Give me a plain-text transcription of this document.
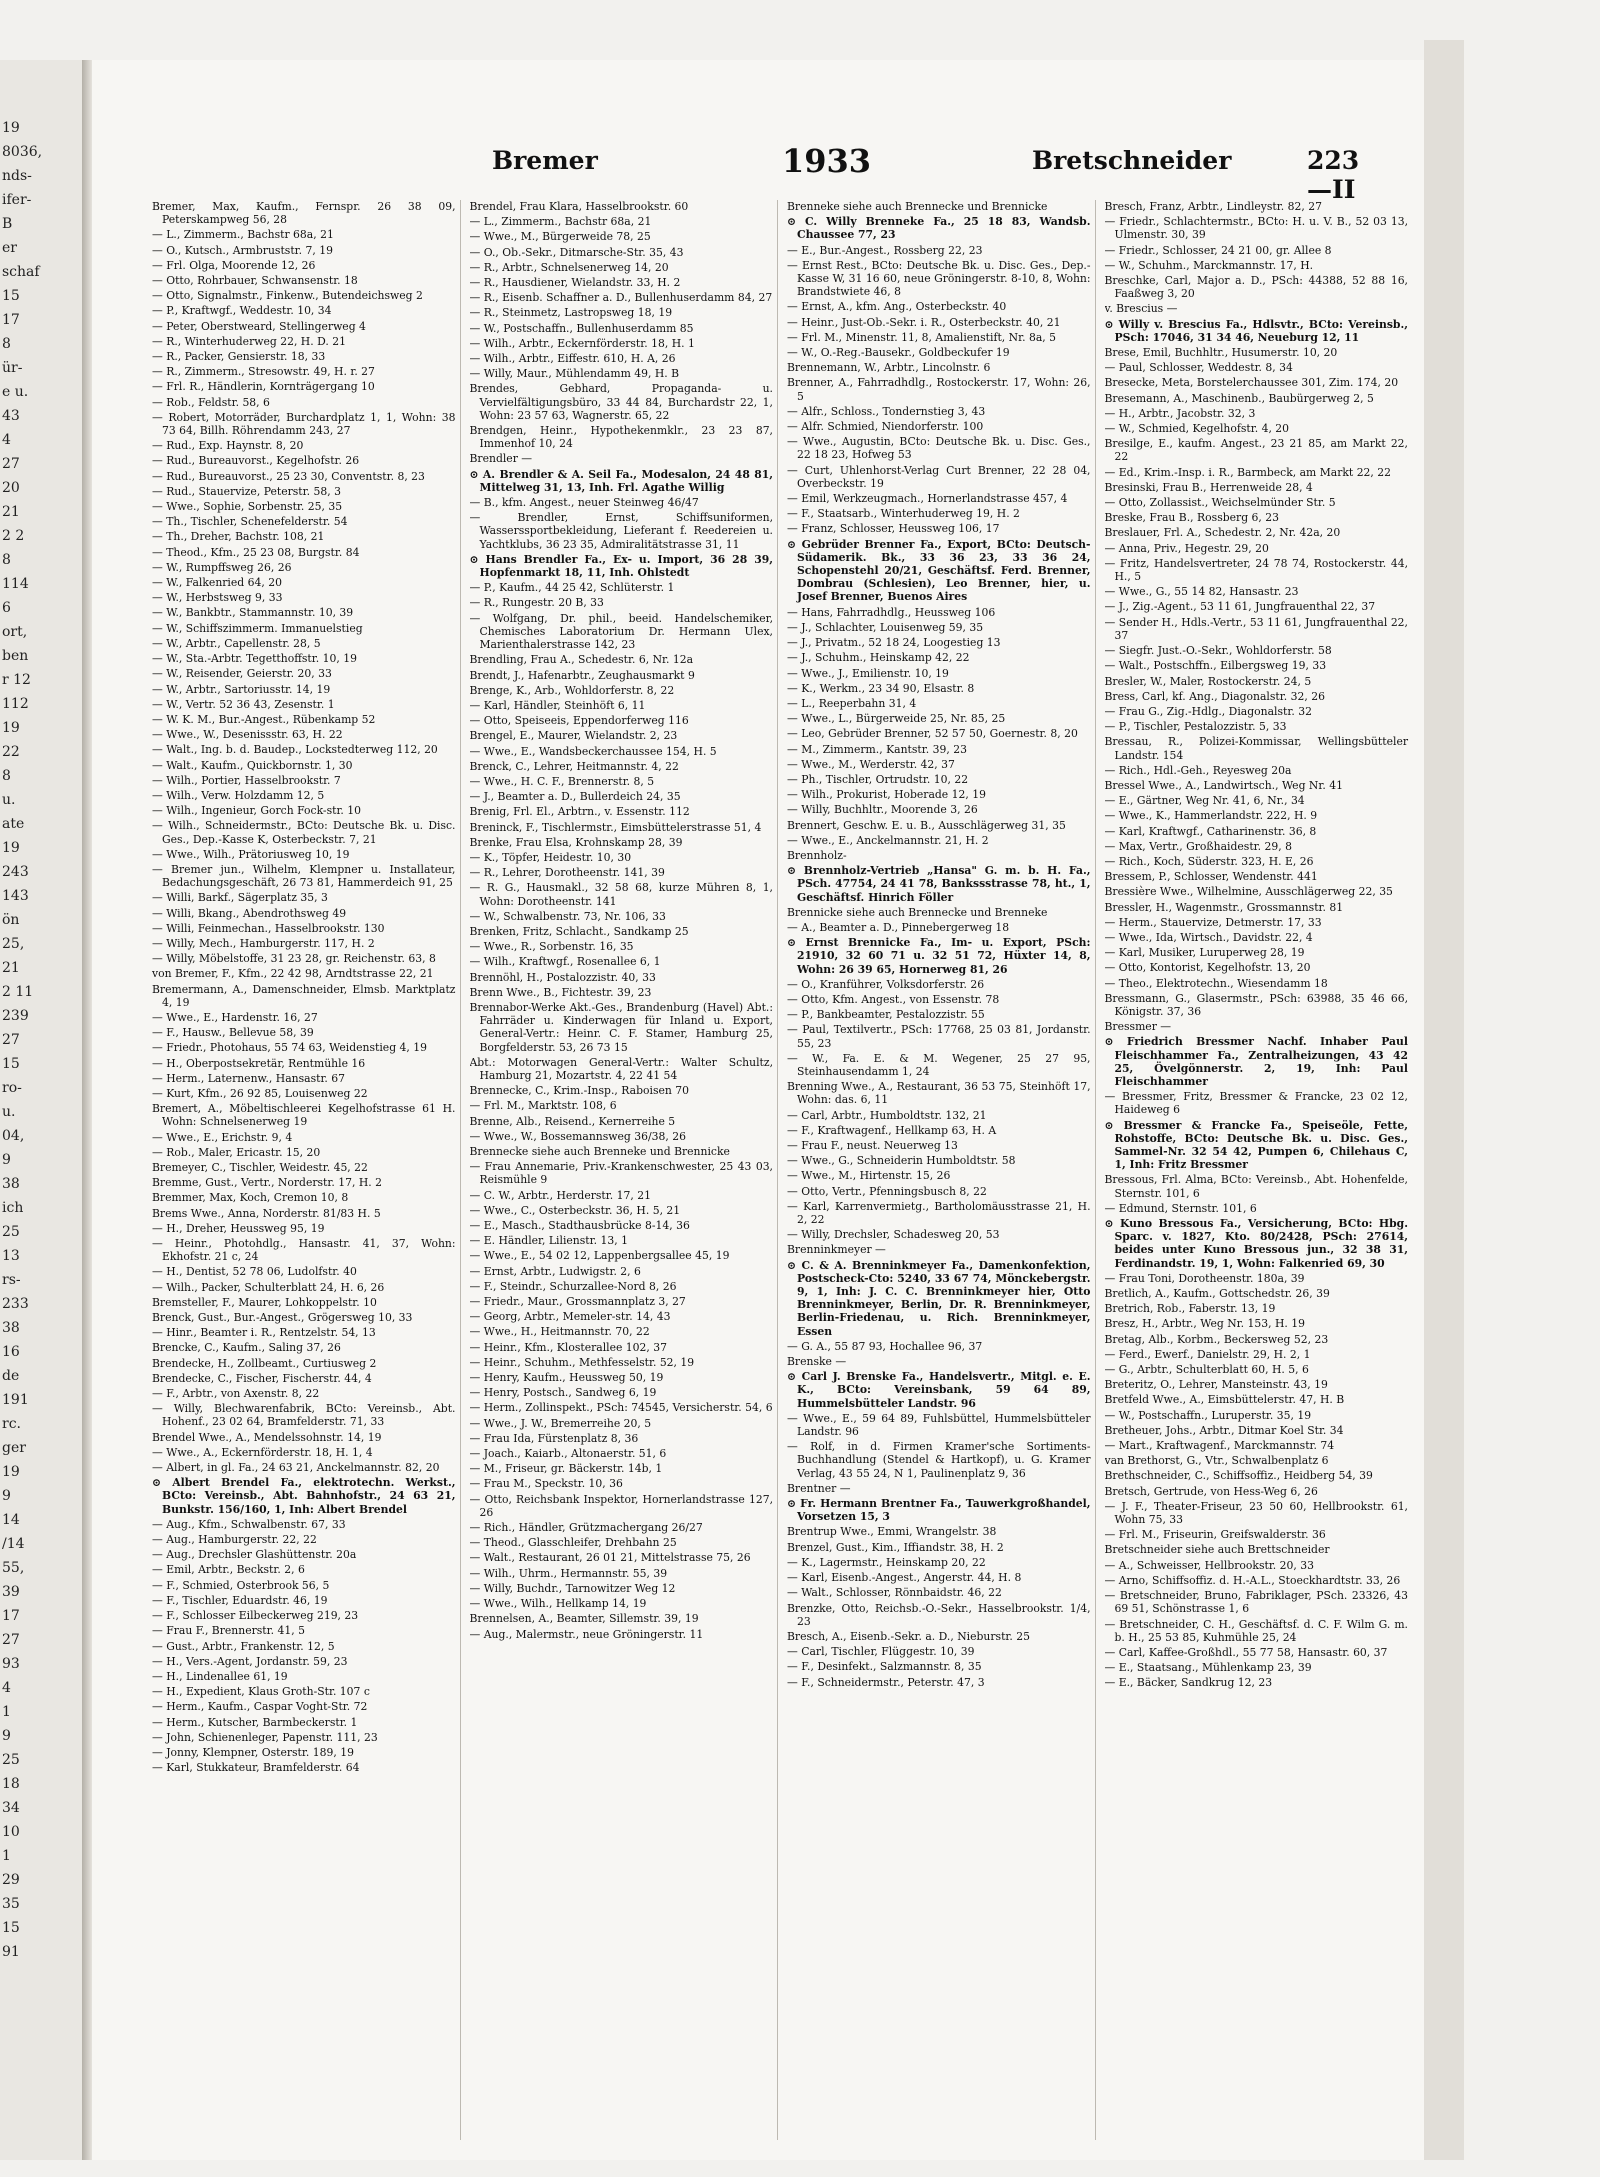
19
8036,
nds-
ifer-
B
er
schaf
15
17
8
ür-
e u.
43
4
27
20
21
2 2
8
114
6
ort,
ben
r 12
112
19
22
8
u.
ate
19
243
143
ön
25,
21
2 11
239
27
15
ro-
u.
04,
9
38
ich
25
13
rs-
233
38
16
de
191
rc.
ger
19
9
14
/14
55,
39
17
27
93
4
1
9
25
18
34
10
1
29
35
15
91
Bremer	1933	Bretschneider	223—II

Bremer, Max, Kaufm., Fernspr. 26 38 09, Peterskampweg 56, 28

— L., Zimmerm., Bachstr 68a, 21

— O., Kutsch., Armbruststr. 7, 19

— Frl. Olga, Moorende 12, 26

— Otto, Rohrbauer, Schwansenstr. 18

— Otto, Signalmstr., Finkenw., Butendeichsweg 2

— P., Kraftwgf., Weddestr. 10, 34

— Peter, Oberstweard, Stellingerweg 4

— R., Winterhuderweg 22, H. D. 21

— R., Packer, Gensierstr. 18, 33

— R., Zimmerm., Stresowstr. 49, H. r. 27

— Frl. R., Händlerin, Kornträgergang 10

— Rob., Feldstr. 58, 6

— Robert, Motorräder, Burchardplatz 1, 1, Wohn: 38 73 64, Billh. Röhrendamm 243, 27

— Rud., Exp. Haynstr. 8, 20

— Rud., Bureauvorst., Kegelhofstr. 26

— Rud., Bureauvorst., 25 23 30, Conventstr. 8, 23

— Rud., Stauervize, Peterstr. 58, 3

— Wwe., Sophie, Sorbenstr. 25, 35

— Th., Tischler, Schenefelderstr. 54

— Th., Dreher, Bachstr. 108, 21

— Theod., Kfm., 25 23 08, Burgstr. 84

— W., Rumpffsweg 26, 26

— W., Falkenried 64, 20

— W., Herbstsweg 9, 33

— W., Bankbtr., Stammannstr. 10, 39

— W., Schiffszimmerm. Immanuelstieg

— W., Arbtr., Capellenstr. 28, 5

— W., Sta.-Arbtr. Tegetthoffstr. 10, 19

— W., Reisender, Geierstr. 20, 33

— W., Arbtr., Sartoriusstr. 14, 19

— W., Vertr. 52 36 43, Zesenstr. 1

— W. K. M., Bur.-Angest., Rübenkamp 52

— Wwe., W., Desenissstr. 63, H. 22

— Walt., Ing. b. d. Baudep., Lockstedterweg 112, 20

— Walt., Kaufm., Quickbornstr. 1, 30

— Wilh., Portier, Hasselbrookstr. 7

— Wilh., Verw. Holzdamm 12, 5

— Wilh., Ingenieur, Gorch Fock-str. 10

— Wilh., Schneidermstr., BCto: Deutsche Bk. u. Disc. Ges., Dep.-Kasse K, Osterbeckstr. 7, 21

— Wwe., Wilh., Prätoriusweg 10, 19

— Bremer jun., Wilhelm, Klempner u. Installateur, Bedachungsgeschäft, 26 73 81, Hammerdeich 91, 25

— Willi, Barkf., Sägerplatz 35, 3

— Willi, Bkang., Abendrothsweg 49

— Willi, Feinmechan., Hasselbrookstr. 130

— Willy, Mech., Hamburgerstr. 117, H. 2

— Willy, Möbelstoffe, 31 23 28, gr. Reichenstr. 63, 8

von Bremer, F., Kfm., 22 42 98, Arndtstrasse 22, 21

Bremermann, A., Damenschneider, Elmsb. Marktplatz 4, 19

— Wwe., E., Hardenstr. 16, 27

— F., Hausw., Bellevue 58, 39

— Friedr., Photohaus, 55 74 63, Weidenstieg 4, 19

— H., Oberpostsekretär, Rentmühle 16

— Herm., Laternenw., Hansastr. 67

— Kurt, Kfm., 26 92 85, Louisenweg 22

Bremert, A., Möbeltischleerei Kegelhofstrasse 61 H. Wohn: Schnelsenerweg 19

— Wwe., E., Erichstr. 9, 4

— Rob., Maler, Ericastr. 15, 20

Bremeyer, C., Tischler, Weidestr. 45, 22

Bremme, Gust., Vertr., Norderstr. 17, H. 2

Bremmer, Max, Koch, Cremon 10, 8

Brems Wwe., Anna, Norderstr. 81/83 H. 5

— H., Dreher, Heussweg 95, 19

— Heinr., Photohdlg., Hansastr. 41, 37, Wohn: Ekhofstr. 21 c, 24

— H., Dentist, 52 78 06, Ludolfstr. 40

— Wilh., Packer, Schulterblatt 24, H. 6, 26

Bremsteller, F., Maurer, Lohkoppelstr. 10

Brenck, Gust., Bur.-Angest., Grögersweg 10, 33

— Hinr., Beamter i. R., Rentzelstr. 54, 13

Brencke, C., Kaufm., Saling 37, 26

Brendecke, H., Zollbeamt., Curtiusweg 2

Brendecke, C., Fischer, Fischerstr. 44, 4

— F., Arbtr., von Axenstr. 8, 22

— Willy, Blechwarenfabrik, BCto: Vereinsb., Abt. Hohenf., 23 02 64, Bramfelderstr. 71, 33

Brendel Wwe., A., Mendelssohnstr. 14, 19

— Wwe., A., Eckernförderstr. 18, H. 1, 4

— Albert, in gl. Fa., 24 63 21, Anckelmannstr. 82, 20

⊙ Albert Brendel Fa., elektrotechn. Werkst., BCto: Vereinsb., Abt. Bahnhofstr., 24 63 21, Bunkstr. 156/160, 1, Inh: Albert Brendel

— Aug., Kfm., Schwalbenstr. 67, 33

— Aug., Hamburgerstr. 22, 22

— Aug., Drechsler Glashüttenstr. 20a

— Emil, Arbtr., Beckstr. 2, 6

— F., Schmied, Osterbrook 56, 5

— F., Tischler, Eduardstr. 46, 19

— F., Schlosser Eilbeckerweg 219, 23

— Frau F., Brennerstr. 41, 5

— Gust., Arbtr., Frankenstr. 12, 5

— H., Vers.-Agent, Jordanstr. 59, 23

— H., Lindenallee 61, 19

— H., Expedient, Klaus Groth-Str. 107 c

— Herm., Kaufm., Caspar Voght-Str. 72

— Herm., Kutscher, Barmbeckerstr. 1

— John, Schienenleger, Papenstr. 111, 23

— Jonny, Klempner, Osterstr. 189, 19

— Karl, Stukkateur, Bramfelderstr. 64

Brendel, Frau Klara, Hasselbrookstr. 60

— L., Zimmerm., Bachstr 68a, 21

— Wwe., M., Bürgerweide 78, 25

— O., Ob.-Sekr., Ditmarsche-Str. 35, 43

— R., Arbtr., Schnelsenerweg 14, 20

— R., Hausdiener, Wielandstr. 33, H. 2

— R., Eisenb. Schaffner a. D., Bullenhuserdamm 84, 27

— R., Steinmetz, Lastropsweg 18, 19

— W., Postschaffn., Bullenhuserdamm 85

— Wilh., Arbtr., Eckernförderstr. 18, H. 1

— Wilh., Arbtr., Eiffestr. 610, H. A, 26

— Willy, Maur., Mühlendamm 49, H. B

Brendes, Gebhard, Propaganda- u. Vervielfältigungsbüro, 33 44 84, Burchardstr 22, 1, Wohn: 23 57 63, Wagnerstr. 65, 22

Brendgen, Heinr., Hypothekenmklr., 23 23 87, Immenhof 10, 24

Brendler —

⊙ A. Brendler & A. Seil Fa., Modesalon, 24 48 81, Mittelweg 31, 13, Inh. Frl. Agathe Willig

— B., kfm. Angest., neuer Steinweg 46/47

— Brendler, Ernst, Schiffsuniformen, Wasserssportbekleidung, Lieferant f. Reedereien u. Yachtklubs, 36 23 35, Admiralitätstrasse 31, 11

⊙ Hans Brendler Fa., Ex- u. Import, 36 28 39, Hopfenmarkt 18, 11, Inh. Ohlstedt

— P., Kaufm., 44 25 42, Schlüterstr. 1

— R., Rungestr. 20 B, 33

— Wolfgang, Dr. phil., beeid. Handelschemiker, Chemisches Laboratorium Dr. Hermann Ulex, Marienthalerstrasse 142, 23

Brendling, Frau A., Schedestr. 6, Nr. 12a

Brendt, J., Hafenarbtr., Zeughausmarkt 9

Brenge, K., Arb., Wohldorferstr. 8, 22

— Karl, Händler, Steinhöft 6, 11

— Otto, Speiseeis, Eppendorferweg 116

Brengel, E., Maurer, Wielandstr. 2, 23

— Wwe., E., Wandsbeckerchaussee 154, H. 5

Brenck, C., Lehrer, Heitmannstr. 4, 22

— Wwe., H. C. F., Brennerstr. 8, 5

— J., Beamter a. D., Bullerdeich 24, 35

Brenig, Frl. El., Arbtrn., v. Essenstr. 112

Breninck, F., Tischlermstr., Eimsbüttelerstrasse 51, 4

Brenke, Frau Elsa, Krohnskamp 28, 39

— K., Töpfer, Heidestr. 10, 30

— R., Lehrer, Dorotheenstr. 141, 39

— R. G., Hausmakl., 32 58 68, kurze Mühren 8, 1, Wohn: Dorotheenstr. 141

— W., Schwalbenstr. 73, Nr. 106, 33

Brenken, Fritz, Schlacht., Sandkamp 25

— Wwe., R., Sorbenstr. 16, 35

— Wilh., Kraftwgf., Rosenallee 6, 1

Brennöhl, H., Postalozzistr. 40, 33

Brenn Wwe., B., Fichtestr. 39, 23

Brennabor-Werke Akt.-Ges., Brandenburg (Havel) Abt.: Fahrräder u. Kinderwagen für Inland u. Export, General-Vertr.: Heinr. C. F. Stamer, Hamburg 25, Borgfelderstr. 53, 26 73 15

Abt.: Motorwagen General-Vertr.: Walter Schultz, Hamburg 21, Mozartstr. 4, 22 41 54

Brennecke, C., Krim.-Insp., Raboisen 70

— Frl. M., Marktstr. 108, 6

Brenne, Alb., Reisend., Kernerreihe 5

— Wwe., W., Bossemannsweg 36/38, 26

Brennecke siehe auch Brenneke und Brennicke

— Frau Annemarie, Priv.-Krankenschwester, 25 43 03, Reismühle 9

— C. W., Arbtr., Herderstr. 17, 21

— Wwe., C., Osterbeckstr. 36, H. 5, 21

— E., Masch., Stadthausbrücke 8-14, 36

— E. Händler, Lilienstr. 13, 1

— Wwe., E., 54 02 12, Lappenbergsallee 45, 19

— Ernst, Arbtr., Ludwigstr. 2, 6

— F., Steindr., Schurzallee-Nord 8, 26

— Friedr., Maur., Grossmannplatz 3, 27

— Georg, Arbtr., Memeler-str. 14, 43

— Wwe., H., Heitmannstr. 70, 22

— Heinr., Kfm., Klosterallee 102, 37

— Heinr., Schuhm., Methfesselstr. 52, 19

— Henry, Kaufm., Heussweg 50, 19

— Henry, Postsch., Sandweg 6, 19

— Herm., Zollinspekt., PSch: 74545, Versicherstr. 54, 6

— Wwe., J. W., Bremerreihe 20, 5

— Frau Ida, Fürstenplatz 8, 36

— Joach., Kaiarb., Altonaerstr. 51, 6

— M., Friseur, gr. Bäckerstr. 14b, 1

— Frau M., Speckstr. 10, 36

— Otto, Reichsbank Inspektor, Hornerlandstrasse 127, 26

— Rich., Händler, Grützmachergang 26/27

— Theod., Glasschleifer, Drehbahn 25

— Walt., Restaurant, 26 01 21, Mittelstrasse 75, 26

— Wilh., Uhrm., Hermannstr. 55, 39

— Willy, Buchdr., Tarnowitzer Weg 12

— Wwe., Wilh., Hellkamp 14, 19

Brennelsen, A., Beamter, Sillemstr. 39, 19

— Aug., Malermstr., neue Gröningerstr. 11

Brenneke siehe auch Brennecke und Brennicke

⊙ C. Willy Brenneke Fa., 25 18 83, Wandsb. Chaussee 77, 23

— E., Bur.-Angest., Rossberg 22, 23

— Ernst Rest., BCto: Deutsche Bk. u. Disc. Ges., Dep.-Kasse W, 31 16 60, neue Gröningerstr. 8-10, 8, Wohn: Brandstwiete 46, 8

— Ernst, A., kfm. Ang., Osterbeckstr. 40

— Heinr., Just-Ob.-Sekr. i. R., Osterbeckstr. 40, 21

— Frl. M., Minenstr. 11, 8, Amalienstift, Nr. 8a, 5

— W., O.-Reg.-Bausekr., Goldbeckufer 19

Brennemann, W., Arbtr., Lincolnstr. 6

Brenner, A., Fahrradhdlg., Rostockerstr. 17, Wohn: 26, 5

— Alfr., Schloss., Tondernstieg 3, 43

— Alfr. Schmied, Niendorferstr. 100

— Wwe., Augustin, BCto: Deutsche Bk. u. Disc. Ges., 22 18 23, Hofweg 53

— Curt, Uhlenhorst-Verlag Curt Brenner, 22 28 04, Overbeckstr. 19

— Emil, Werkzeugmach., Hornerlandstrasse 457, 4

— F., Staatsarb., Winterhuderweg 19, H. 2

— Franz, Schlosser, Heussweg 106, 17

⊙ Gebrüder Brenner Fa., Export, BCto: Deutsch-Südamerik. Bk., 33 36 23, 33 36 24, Schopenstehl 20/21, Geschäftsf. Ferd. Brenner, Dombrau (Schlesien), Leo Brenner, hier, u. Josef Brenner, Buenos Aires

— Hans, Fahrradhdlg., Heussweg 106

— J., Schlachter, Louisenweg 59, 35

— J., Privatm., 52 18 24, Loogestieg 13

— J., Schuhm., Heinskamp 42, 22

— Wwe., J., Emilienstr. 10, 19

— K., Werkm., 23 34 90, Elsastr. 8

— L., Reeperbahn 31, 4

— Wwe., L., Bürgerweide 25, Nr. 85, 25

— Leo, Gebrüder Brenner, 52 57 50, Goernestr. 8, 20

— M., Zimmerm., Kantstr. 39, 23

— Wwe., M., Werderstr. 42, 37

— Ph., Tischler, Ortrudstr. 10, 22

— Wilh., Prokurist, Hoberade 12, 19

— Willy, Buchhltr., Moorende 3, 26

Brennert, Geschw. E. u. B., Ausschlägerweg 31, 35

— Wwe., E., Anckelmannstr. 21, H. 2

Brennholz-

⊙ Brennholz-Vertrieb „Hansa" G. m. b. H. Fa., PSch. 47754, 24 41 78, Bankssstrasse 78, ht., 1, Geschäftsf. Hinrich Föller

Brennicke siehe auch Brennecke und Brenneke

— A., Beamter a. D., Pinnebergerweg 18

⊙ Ernst Brennicke Fa., Im- u. Export, PSch: 21910, 32 60 71 u. 32 51 72, Hüxter 14, 8, Wohn: 26 39 65, Hornerweg 81, 26

— O., Kranführer, Volksdorferstr. 26

— Otto, Kfm. Angest., von Essenstr. 78

— P., Bankbeamter, Pestalozzistr. 55

— Paul, Textilvertr., PSch: 17768, 25 03 81, Jordanstr. 55, 23

— W., Fa. E. & M. Wegener, 25 27 95, Steinhausendamm 1, 24

Brenning Wwe., A., Restaurant, 36 53 75, Steinhöft 17, Wohn: das. 6, 11

— Carl, Arbtr., Humboldtstr. 132, 21

— F., Kraftwagenf., Hellkamp 63, H. A

— Frau F., neust. Neuerweg 13

— Wwe., G., Schneiderin Humboldtstr. 58

— Wwe., M., Hirtenstr. 15, 26

— Otto, Vertr., Pfenningsbusch 8, 22

— Karl, Karrenvermietg., Bartholomäusstrasse 21, H. 2, 22

— Willy, Drechsler, Schadesweg 20, 53

Brenninkmeyer —

⊙ C. & A. Brenninkmeyer Fa., Damenkonfektion, Postscheck-Cto: 5240, 33 67 74, Mönckebergstr. 9, 1, Inh: J. C. C. Brenninkmeyer hier, Otto Brenninkmeyer, Berlin, Dr. R. Brenninkmeyer, Berlin-Friedenau, u. Rich. Brenninkmeyer, Essen

— G. A., 55 87 93, Hochallee 96, 37

Brenske —

⊙ Carl J. Brenske Fa., Handelsvertr., Mitgl. e. E. K., BCto: Vereinsbank, 59 64 89, Hummelsbütteler Landstr. 96

— Wwe., E., 59 64 89, Fuhlsbüttel, Hummelsbütteler Landstr. 96

— Rolf, in d. Firmen Kramer'sche Sortiments-Buchhandlung (Stendel & Hartkopf), u. G. Kramer Verlag, 43 55 24, N 1, Paulinenplatz 9, 36

Brentner —

⊙ Fr. Hermann Brentner Fa., Tauwerkgroßhandel, Vorsetzen 15, 3

Brentrup Wwe., Emmi, Wrangelstr. 38

Brenzel, Gust., Kim., Iffiandstr. 38, H. 2

— K., Lagermstr., Heinskamp 20, 22

— Karl, Eisenb.-Angest., Angerstr. 44, H. 8

— Walt., Schlosser, Rönnbaidstr. 46, 22

Brenzke, Otto, Reichsb.-O.-Sekr., Hasselbrookstr. 1/4, 23

Bresch, A., Eisenb.-Sekr. a. D., Nieburstr. 25

— Carl, Tischler, Flüggestr. 10, 39

— F., Desinfekt., Salzmannstr. 8, 35

— F., Schneidermstr., Peterstr. 47, 3

Bresch, Franz, Arbtr., Lindleystr. 82, 27

— Friedr., Schlachtermstr., BCto: H. u. V. B., 52 03 13, Ulmenstr. 30, 39

— Friedr., Schlosser, 24 21 00, gr. Allee 8

— W., Schuhm., Marckmannstr. 17, H.

Breschke, Carl, Major a. D., PSch: 44388, 52 88 16, Faaßweg 3, 20

v. Brescius —

⊙ Willy v. Brescius Fa., Hdlsvtr., BCto: Vereinsb., PSch: 17046, 31 34 46, Neueburg 12, 11

Brese, Emil, Buchhltr., Husumerstr. 10, 20

— Paul, Schlosser, Weddestr. 8, 34

Bresecke, Meta, Borstelerchaussee 301, Zim. 174, 20

Bresemann, A., Maschinenb., Baubürgerweg 2, 5

— H., Arbtr., Jacobstr. 32, 3

— W., Schmied, Kegelhofstr. 4, 20

Bresilge, E., kaufm. Angest., 23 21 85, am Markt 22, 22

— Ed., Krim.-Insp. i. R., Barmbeck, am Markt 22, 22

Bresinski, Frau B., Herrenweide 28, 4

— Otto, Zollassist., Weichselmünder Str. 5

Breske, Frau B., Rossberg 6, 23

Breslauer, Frl. A., Schedestr. 2, Nr. 42a, 20

— Anna, Priv., Hegestr. 29, 20

— Fritz, Handelsvertreter, 24 78 74, Rostockerstr. 44, H., 5

— Wwe., G., 55 14 82, Hansastr. 23

— J., Zig.-Agent., 53 11 61, Jungfrauenthal 22, 37

— Sender H., Hdls.-Vertr., 53 11 61, Jungfrauenthal 22, 37

— Siegfr. Just.-O.-Sekr., Wohldorferstr. 58

— Walt., Postschffn., Eilbergsweg 19, 33

Bresler, W., Maler, Rostockerstr. 24, 5

Bress, Carl, kf. Ang., Diagonalstr. 32, 26

— Frau G., Zig.-Hdlg., Diagonalstr. 32

— P., Tischler, Pestalozzistr. 5, 33

Bressau, R., Polizei-Kommissar, Wellingsbütteler Landstr. 154

— Rich., Hdl.-Geh., Reyesweg 20a

Bressel Wwe., A., Landwirtsch., Weg Nr. 41

— E., Gärtner, Weg Nr. 41, 6, Nr., 34

— Wwe., K., Hammerlandstr. 222, H. 9

— Karl, Kraftwgf., Catharinenstr. 36, 8

— Max, Vertr., Großhaidestr. 29, 8

— Rich., Koch, Süderstr. 323, H. E, 26

Bressem, P., Schlosser, Wendenstr. 441

Bressière Wwe., Wilhelmine, Ausschlägerweg 22, 35

Bressler, H., Wagenmstr., Grossmannstr. 81

— Herm., Stauervize, Detmerstr. 17, 33

— Wwe., Ida, Wirtsch., Davidstr. 22, 4

— Karl, Musiker, Luruperweg 28, 19

— Otto, Kontorist, Kegelhofstr. 13, 20

— Theo., Elektrotechn., Wiesendamm 18

Bressmann, G., Glasermstr., PSch: 63988, 35 46 66, Königstr. 37, 36

Bressmer —

⊙ Friedrich Bressmer Nachf. Inhaber Paul Fleischhammer Fa., Zentralheizungen, 43 42 25, Övelgönnerstr. 2, 19, Inh: Paul Fleischhammer

— Bressmer, Fritz, Bressmer & Francke, 23 02 12, Haideweg 6

⊙ Bressmer & Francke Fa., Speiseöle, Fette, Rohstoffe, BCto: Deutsche Bk. u. Disc. Ges., Sammel-Nr. 32 54 42, Pumpen 6, Chilehaus C, 1, Inh: Fritz Bressmer

Bressous, Frl. Alma, BCto: Vereinsb., Abt. Hohenfelde, Sternstr. 101, 6

— Edmund, Sternstr. 101, 6

⊙ Kuno Bressous Fa., Versicherung, BCto: Hbg. Sparc. v. 1827, Kto. 80/2428, PSch: 27614, beides unter Kuno Bressous jun., 32 38 31, Ferdinandstr. 19, 1, Wohn: Falkenried 69, 30

— Frau Toni, Dorotheenstr. 180a, 39

Bretlich, A., Kaufm., Gottschedstr. 26, 39

Bretrich, Rob., Faberstr. 13, 19

Bresz, H., Arbtr., Weg Nr. 153, H. 19

Bretag, Alb., Korbm., Beckersweg 52, 23

— Ferd., Ewerf., Danielstr. 29, H. 2, 1

— G., Arbtr., Schulterblatt 60, H. 5, 6

Breteritz, O., Lehrer, Mansteinstr. 43, 19

Bretfeld Wwe., A., Eimsbüttelerstr. 47, H. B

— W., Postschaffn., Luruperstr. 35, 19

Bretheuer, Johs., Arbtr., Ditmar Koel Str. 34

— Mart., Kraftwagenf., Marckmannstr. 74

van Brethorst, G., Vtr., Schwalbenplatz 6

Brethschneider, C., Schiffsoffiz., Heidberg 54, 39

Bretsch, Gertrude, von Hess-Weg 6, 26

— J. F., Theater-Friseur, 23 50 60, Hellbrookstr. 61, Wohn 75, 33

— Frl. M., Friseurin, Greifswalderstr. 36

Bretschneider siehe auch Brettschneider

— A., Schweisser, Hellbrookstr. 20, 33

— Arno, Schiffsoffiz. d. H.-A.L., Stoeckhardtstr. 33, 26

— Bretschneider, Bruno, Fabriklager, PSch. 23326, 43 69 51, Schönstrasse 1, 6

— Bretschneider, C. H., Geschäftsf. d. C. F. Wilm G. m. b. H., 25 53 85, Kuhmühle 25, 24

— Carl, Kaffee-Großhdl., 55 77 58, Hansastr. 60, 37

— E., Staatsang., Mühlenkamp 23, 39

— E., Bäcker, Sandkrug 12, 23
